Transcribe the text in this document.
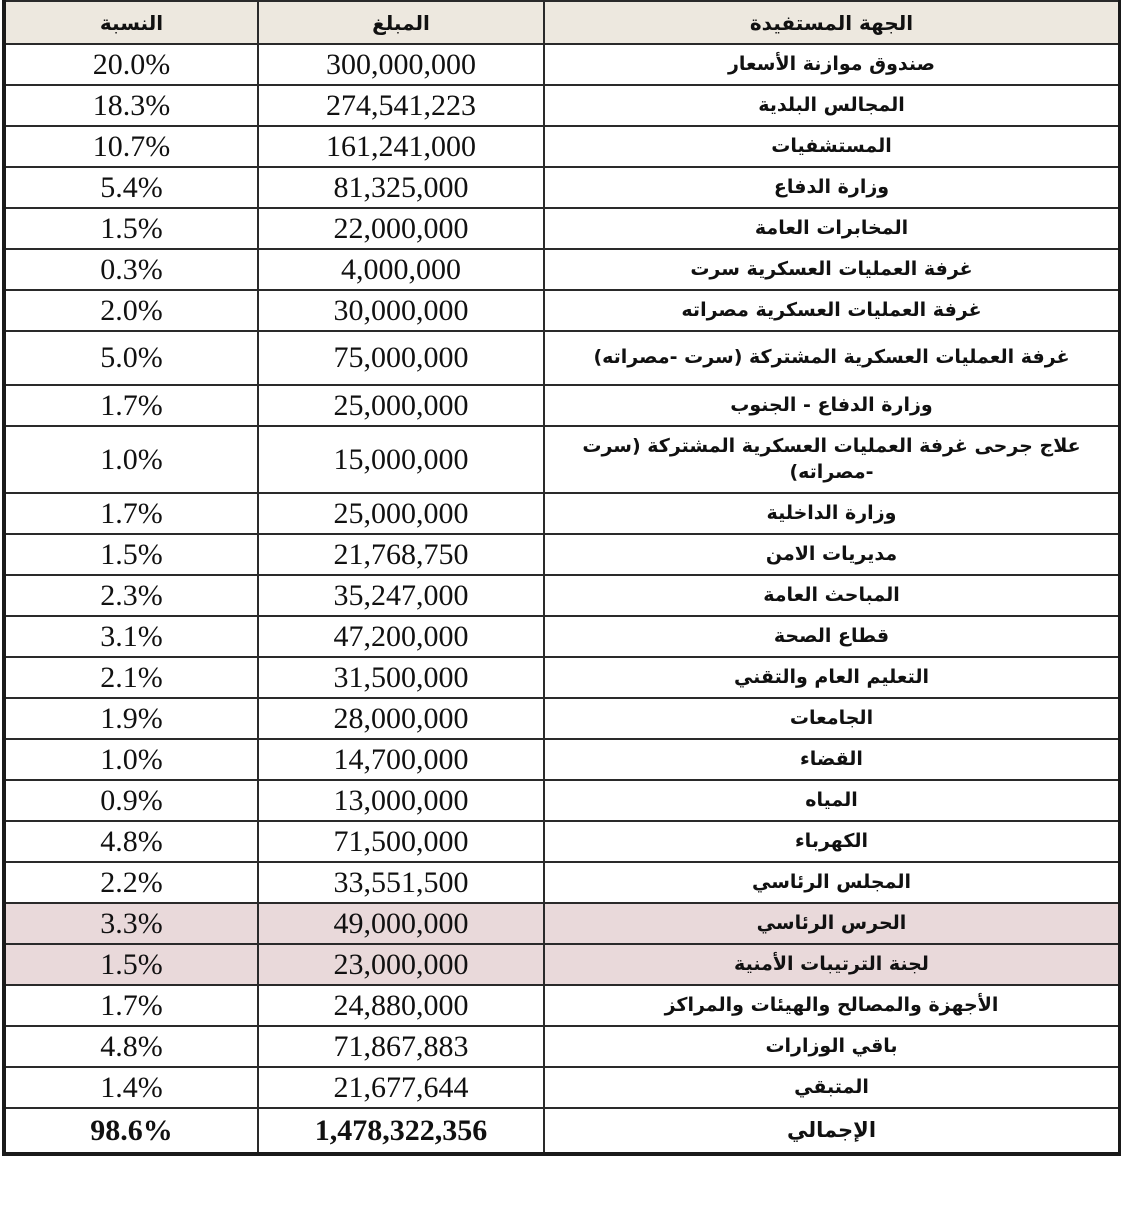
النسبة	المبلغ	الجهة المستفيدة
20.0%	300,000,000	صندوق موازنة الأسعار
18.3%	274,541,223	المجالس البلدية
10.7%	161,241,000	المستشفيات
5.4%	81,325,000	وزارة الدفاع
1.5%	22,000,000	المخابرات العامة
0.3%	4,000,000	غرفة العمليات العسكرية سرت
2.0%	30,000,000	غرفة العمليات العسكرية مصراته
5.0%	75,000,000	غرفة العمليات العسكرية المشتركة (سرت -مصراته)
1.7%	25,000,000	وزارة الدفاع - الجنوب
1.0%	15,000,000	علاج جرحى غرفة العمليات العسكرية المشتركة (سرت -مصراته)
1.7%	25,000,000	وزارة الداخلية
1.5%	21,768,750	مديريات الامن
2.3%	35,247,000	المباحث العامة
3.1%	47,200,000	قطاع الصحة
2.1%	31,500,000	التعليم العام والتقني
1.9%	28,000,000	الجامعات
1.0%	14,700,000	القضاء
0.9%	13,000,000	المياه
4.8%	71,500,000	الكهرباء
2.2%	33,551,500	المجلس الرئاسي
3.3%	49,000,000	الحرس الرئاسي
1.5%	23,000,000	لجنة الترتيبات الأمنية
1.7%	24,880,000	الأجهزة والمصالح والهيئات والمراكز
4.8%	71,867,883	باقي الوزارات
1.4%	21,677,644	المتبقي
98.6%	1,478,322,356	الإجمالي
